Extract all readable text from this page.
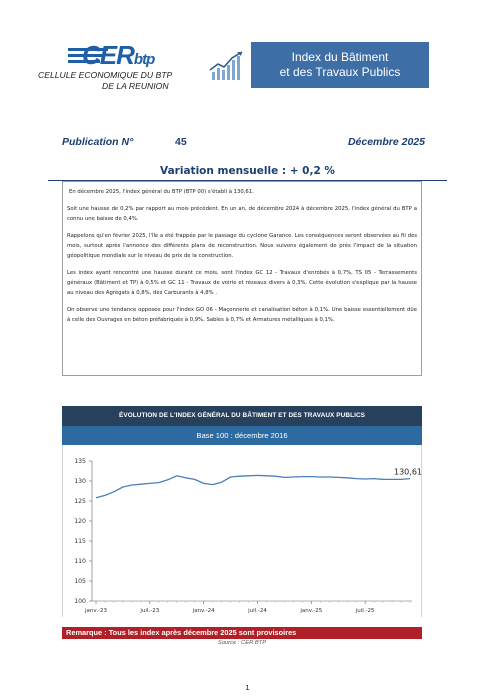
CERbtp
CELLULE ECONOMIQUE DU BTP
DE LA REUNION
Index du Bâtiment
et des Travaux Publics
Publication N°	45	Décembre 2025
Variation mensuelle : + 0,2 %

En décembre 2025, l'index général du BTP (BTP 00) s'établi à 130,61.

Soit une hausse de 0,2% par rapport au mois précédent. En un an, de décembre 2024 à décembre 2025, l'index général du BTP a connu une baisse de 0,4%.

Rappelons qu'en février 2025, l'île a été frappée par le passage du cyclone Garance. Les conséquences seront observées au fil des mois, surtout après l'annonce des différents plans de reconstruction. Nous suivons également de près l'impact de la situation géopolitique mondiale sur le niveau de prix de la construction.

Les index ayant rencontré une hausse durant ce mois, sont l'index GC 12 - Travaux d'enrobés à 0,7%, TS 05 - Terrassements généraux (Bâtiment et TP) à 0,5% et GC 11 - Travaux de voirie et réseaux divers à 0,3%. Cette évolution s'explique par la hausse au niveau des Agrégats à 0,8%, des Carburants à 4,8% .

On observe une tendance opposée pour l'index GO 06 - Maçonnerie et canalisation béton à 0,1%. Une baisse essentiellement dûe à celle des Ouvrages en béton préfabriqués à 0,9%, Sables à 0,7% et Armatures métalliques à 0,1%.

ÉVOLUTION DE L'INDEX GÉNÉRAL DU BÂTIMENT ET DES TRAVAUX PUBLICS
Base 100 : décembre 2016
100
105
110
115
120
125
130
135
janv.-23	juil.-23	janv.-24	juil.-24	janv.-25	juil.-25
130,61
Remarque : Tous les index après décembre 2025 sont provisoires
Source : CER BTP
1
